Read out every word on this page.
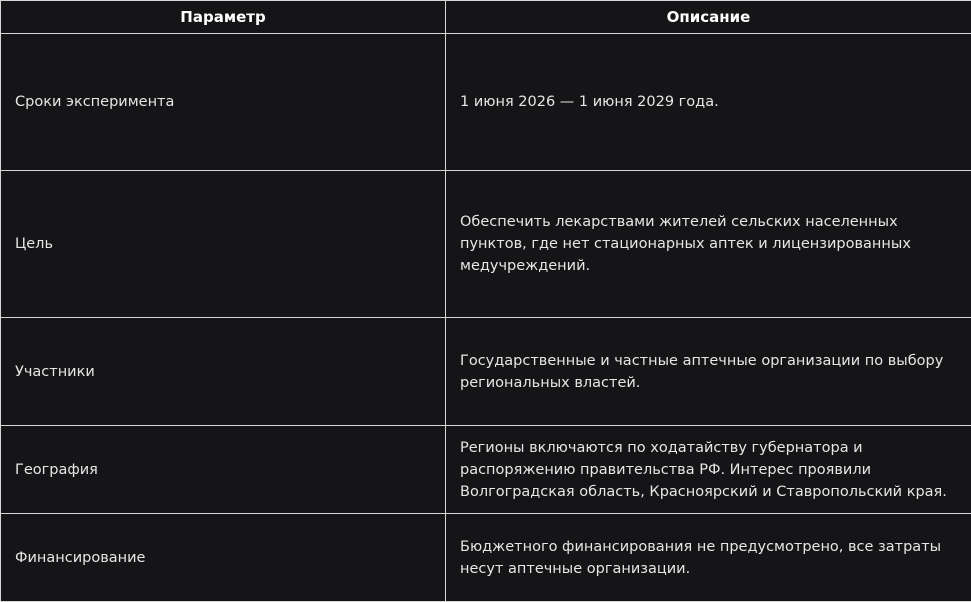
Параметр	Описание
Сроки эксперимента	1 июня 2026 — 1 июня 2029 года.
Цель	Обеспечить лекарствами жителей сельских населенных пунктов, где нет стационарных аптек и лицензированных медучреждений.
Участники	Государственные и частные аптечные организации по выбору региональных властей.
География	Регионы включаются по ходатайству губернатора и распоряжению правительства РФ. Интерес проявили Волгоградская область, Красноярский и Ставропольский края.
Финансирование	Бюджетного финансирования не предусмотрено, все затраты несут аптечные организации.
